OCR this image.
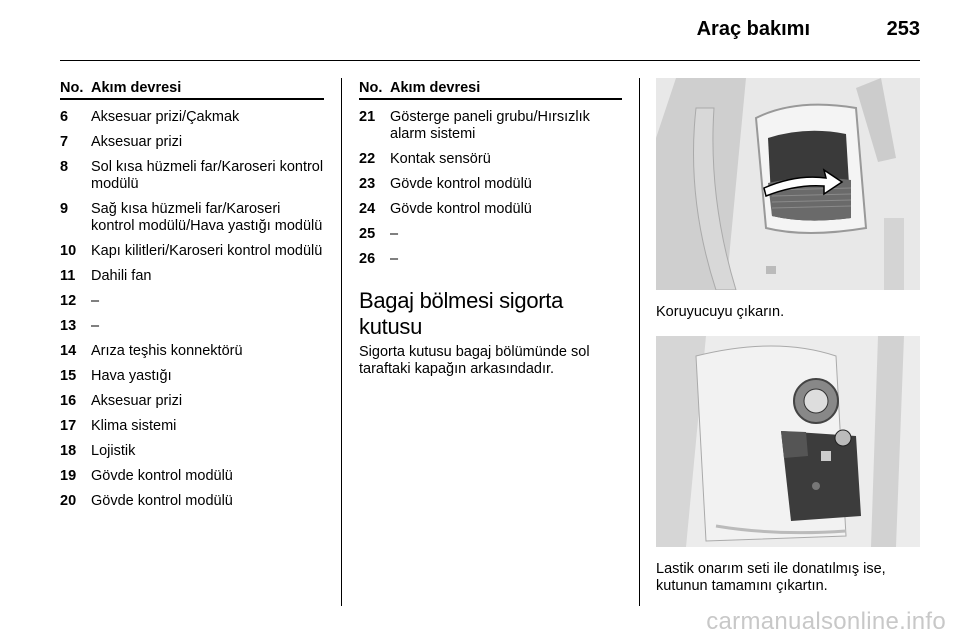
Araç bakımı	253
No. Akım devresi
6	Aksesuar prizi/Çakmak
7	Aksesuar prizi
8	Sol kısa hüzmeli far/Karoseri kontrol modülü
9	Sağ kısa hüzmeli far/Karoseri kontrol modülü/Hava yastığı modülü
10	Kapı kilitleri/Karoseri kontrol modülü
11	Dahili fan
12	–
13	–
14	Arıza teşhis konnektörü
15	Hava yastığı
16	Aksesuar prizi
17	Klima sistemi
18	Lojistik
19	Gövde kontrol modülü
20	Gövde kontrol modülü
No. Akım devresi
21	Gösterge paneli grubu/Hırsızlık alarm sistemi
22	Kontak sensörü
23	Gövde kontrol modülü
24	Gövde kontrol modülü
25	–
26	–
Bagaj bölmesi sigorta kutusu
Sigorta kutusu bagaj bölümünde sol taraftaki kapağın arkasındadır.
Koruyucuyu çıkarın.
Lastik onarım seti ile donatılmış ise, kutunun tamamını çıkartın.
carmanualsonline.info
